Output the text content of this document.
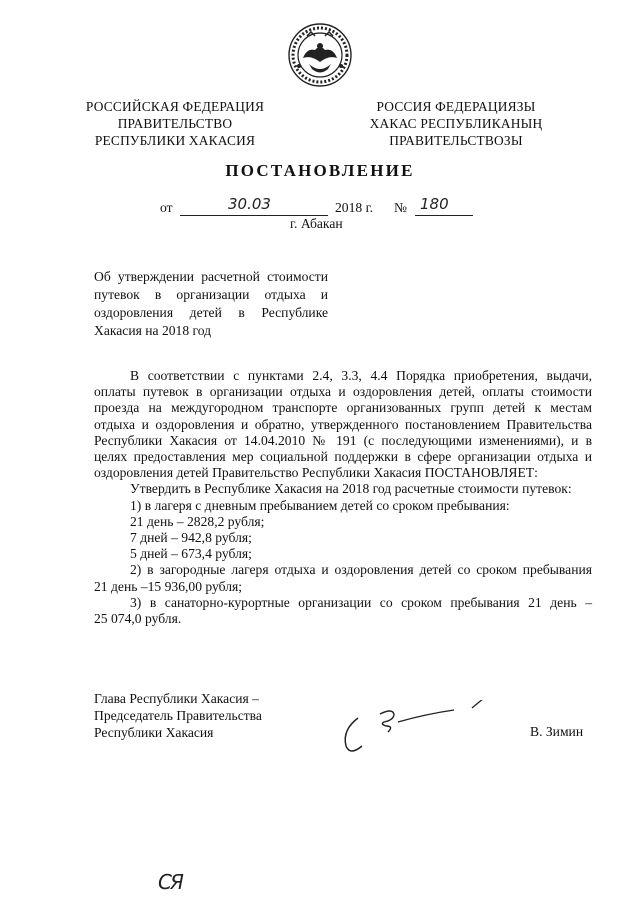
РОССИЙСКАЯ ФЕДЕРАЦИЯ
ПРАВИТЕЛЬСТВО
РЕСПУБЛИКИ ХАКАСИЯ
РОССИЯ ФЕДЕРАЦИЯЗЫ
ХАКАС РЕСПУБЛИКАНЫҢ
ПРАВИТЕЛЬСТВОЗЫ
ПОСТАНОВЛЕНИЕ
от	30.03	2018 г. № 180
г. Абакан
Об утверждении расчетной стоимости
путевок в организации отдыха и
оздоровления детей в Республике
Хакасия на 2018 год
В соответствии с пунктами 2.4, 3.3, 4.4 Порядка приобретения, выдачи,
оплаты путевок в организации отдыха и оздоровления детей, оплаты стоимости
проезда на междугородном транспорте организованных групп детей к местам
отдыха и оздоровления и обратно, утвержденного постановлением Правительства
Республики Хакасия от 14.04.2010 № 191 (с последующими изменениями), и в
целях предоставления мер социальной поддержки в сфере организации отдыха и
оздоровления детей Правительство Республики Хакасия ПОСТАНОВЛЯЕТ:
Утвердить в Республике Хакасия на 2018 год расчетные стоимости путевок:
1) в лагеря с дневным пребыванием детей со сроком пребывания:
21 день – 2828,2 рубля;
7 дней – 942,8 рубля;
5 дней – 673,4 рубля;
2) в загородные лагеря отдыха и оздоровления детей со сроком пребывания
21 день –15 936,00 рубля;
3) в санаторно-курортные организации со сроком пребывания 21 день –
25 074,0 рубля.
Глава Республики Хакасия –
Председатель Правительства
Республики Хакасия	В. Зимин
СЯ
